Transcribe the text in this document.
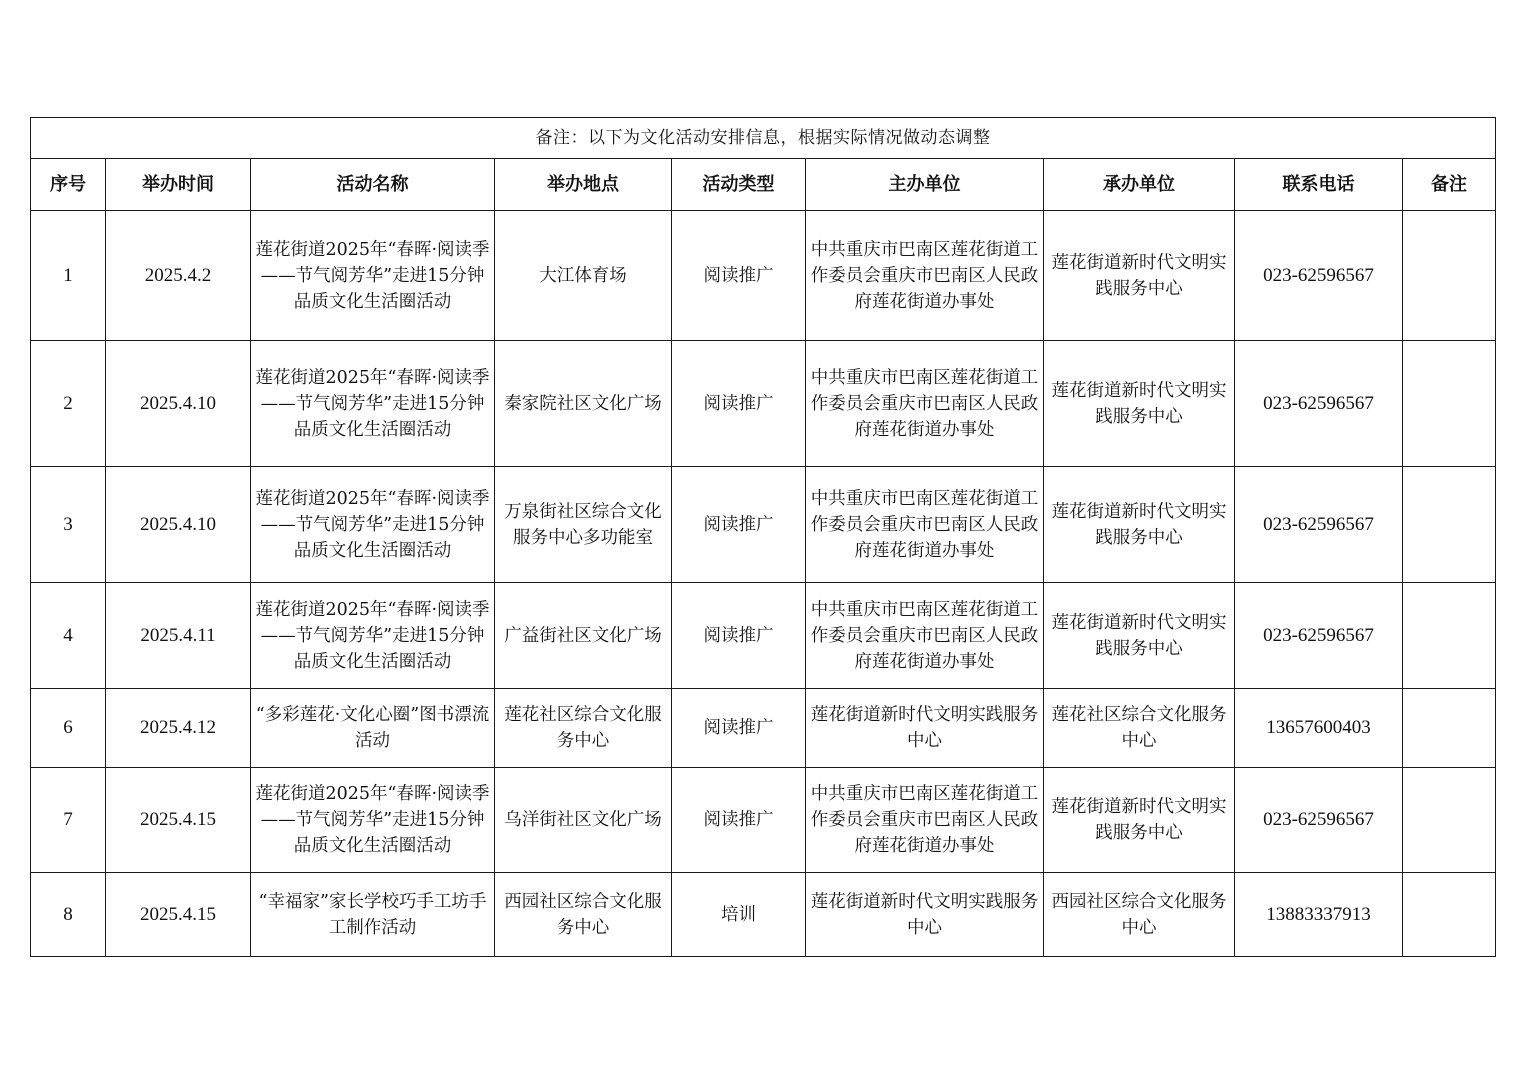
备注：以下为文化活动安排信息，根据实际情况做动态调整								
序号	举办时间	活动名称	举办地点	活动类型	主办单位	承办单位	联系电话	备注
1	2025.4.2	莲花街道2025年“春晖·阅读季——节气阅芳华”走进15分钟品质文化生活圈活动	大江体育场	阅读推广	中共重庆市巴南区莲花街道工作委员会重庆市巴南区人民政府莲花街道办事处	莲花街道新时代文明实践服务中心	023-62596567	
2	2025.4.10	莲花街道2025年“春晖·阅读季——节气阅芳华”走进15分钟品质文化生活圈活动	秦家院社区文化广场	阅读推广	中共重庆市巴南区莲花街道工作委员会重庆市巴南区人民政府莲花街道办事处	莲花街道新时代文明实践服务中心	023-62596567	
3	2025.4.10	莲花街道2025年“春晖·阅读季——节气阅芳华”走进15分钟品质文化生活圈活动	万泉街社区综合文化服务中心多功能室	阅读推广	中共重庆市巴南区莲花街道工作委员会重庆市巴南区人民政府莲花街道办事处	莲花街道新时代文明实践服务中心	023-62596567	
4	2025.4.11	莲花街道2025年“春晖·阅读季——节气阅芳华”走进15分钟品质文化生活圈活动	广益街社区文化广场	阅读推广	中共重庆市巴南区莲花街道工作委员会重庆市巴南区人民政府莲花街道办事处	莲花街道新时代文明实践服务中心	023-62596567	
6	2025.4.12	“多彩莲花·文化心圈”图书漂流活动	莲花社区综合文化服务中心	阅读推广	莲花街道新时代文明实践服务中心	莲花社区综合文化服务中心	13657600403	
7	2025.4.15	莲花街道2025年“春晖·阅读季——节气阅芳华”走进15分钟品质文化生活圈活动	乌洋街社区文化广场	阅读推广	中共重庆市巴南区莲花街道工作委员会重庆市巴南区人民政府莲花街道办事处	莲花街道新时代文明实践服务中心	023-62596567	
8	2025.4.15	“幸福家”家长学校巧手工坊手工制作活动	西园社区综合文化服务中心	培训	莲花街道新时代文明实践服务中心	西园社区综合文化服务中心	13883337913	
